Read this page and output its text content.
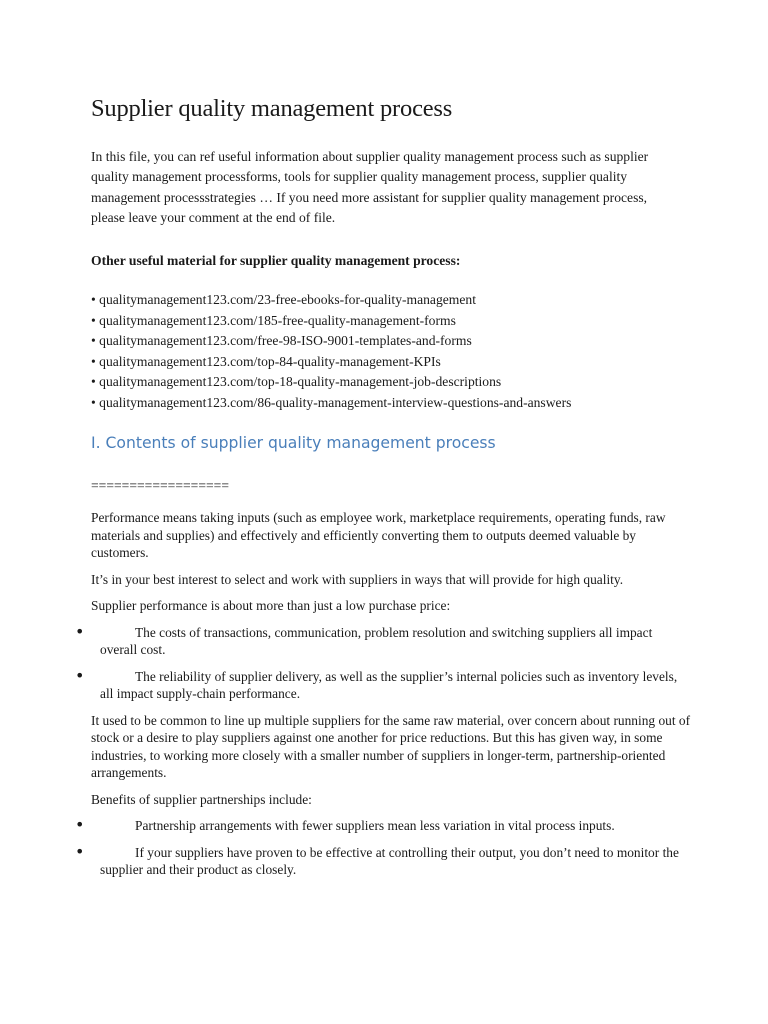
Supplier quality management process

In this file, you can ref useful information about supplier quality management process such as supplier quality management processforms, tools for supplier quality management process, supplier quality management processstrategies … If you need more assistant for supplier quality management process, please leave your comment at the end of file.

Other useful material for supplier quality management process:

• qualitymanagement123.com/23-free-ebooks-for-quality-management
• qualitymanagement123.com/185-free-quality-management-forms
• qualitymanagement123.com/free-98-ISO-9001-templates-and-forms
• qualitymanagement123.com/top-84-quality-management-KPIs
• qualitymanagement123.com/top-18-quality-management-job-descriptions
• qualitymanagement123.com/86-quality-management-interview-questions-and-answers
I. Contents of supplier quality management process
==================

Performance means taking inputs (such as employee work, marketplace requirements, operating funds, raw materials and supplies) and effectively and efficiently converting them to outputs deemed valuable by customers.

It’s in your best interest to select and work with suppliers in ways that will provide for high quality.

Supplier performance is about more than just a low purchase price:

•	The costs of transactions, communication, problem resolution and switching suppliers all impact overall cost.
•	The reliability of supplier delivery, as well as the supplier’s internal policies such as inventory levels, all impact supply-chain performance.

It used to be common to line up multiple suppliers for the same raw material, over concern about running out of stock or a desire to play suppliers against one another for price reductions. But this has given way, in some industries, to working more closely with a smaller number of suppliers in longer-term, partnership-oriented arrangements.

Benefits of supplier partnerships include:

•	Partnership arrangements with fewer suppliers mean less variation in vital process inputs.
•	If your suppliers have proven to be effective at controlling their output, you don’t need to monitor the supplier and their product as closely.
